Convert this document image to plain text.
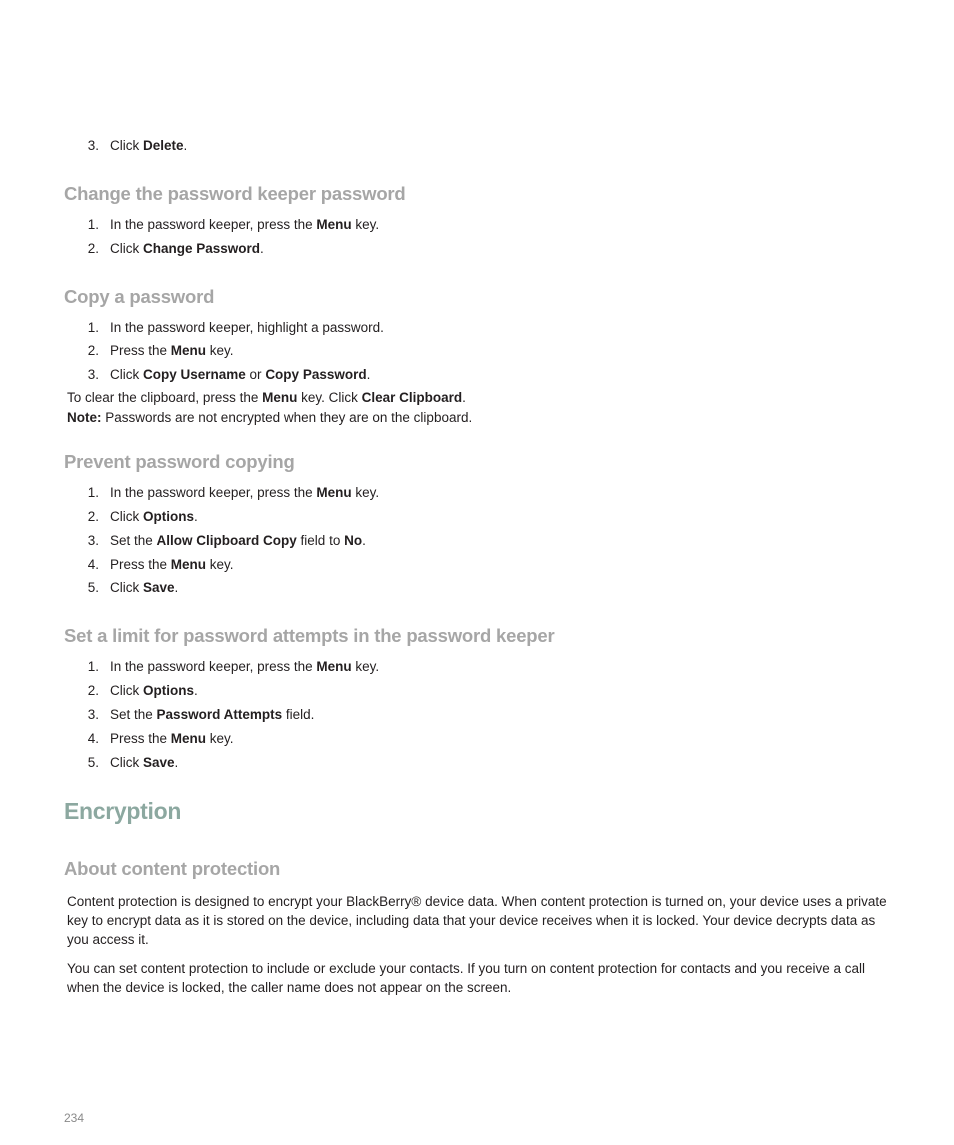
3. Click Delete.
Change the password keeper password
1. In the password keeper, press the Menu key.
2. Click Change Password.
Copy a password
1. In the password keeper, highlight a password.
2. Press the Menu key.
3. Click Copy Username or Copy Password.
To clear the clipboard, press the Menu key. Click Clear Clipboard.
Note: Passwords are not encrypted when they are on the clipboard.
Prevent password copying
1. In the password keeper, press the Menu key.
2. Click Options.
3. Set the Allow Clipboard Copy field to No.
4. Press the Menu key.
5. Click Save.
Set a limit for password attempts in the password keeper
1. In the password keeper, press the Menu key.
2. Click Options.
3. Set the Password Attempts field.
4. Press the Menu key.
5. Click Save.
Encryption
About content protection
Content protection is designed to encrypt your BlackBerry® device data. When content protection is turned on, your device uses a private key to encrypt data as it is stored on the device, including data that your device receives when it is locked. Your device decrypts data as you access it.
You can set content protection to include or exclude your contacts. If you turn on content protection for contacts and you receive a call when the device is locked, the caller name does not appear on the screen.
234
